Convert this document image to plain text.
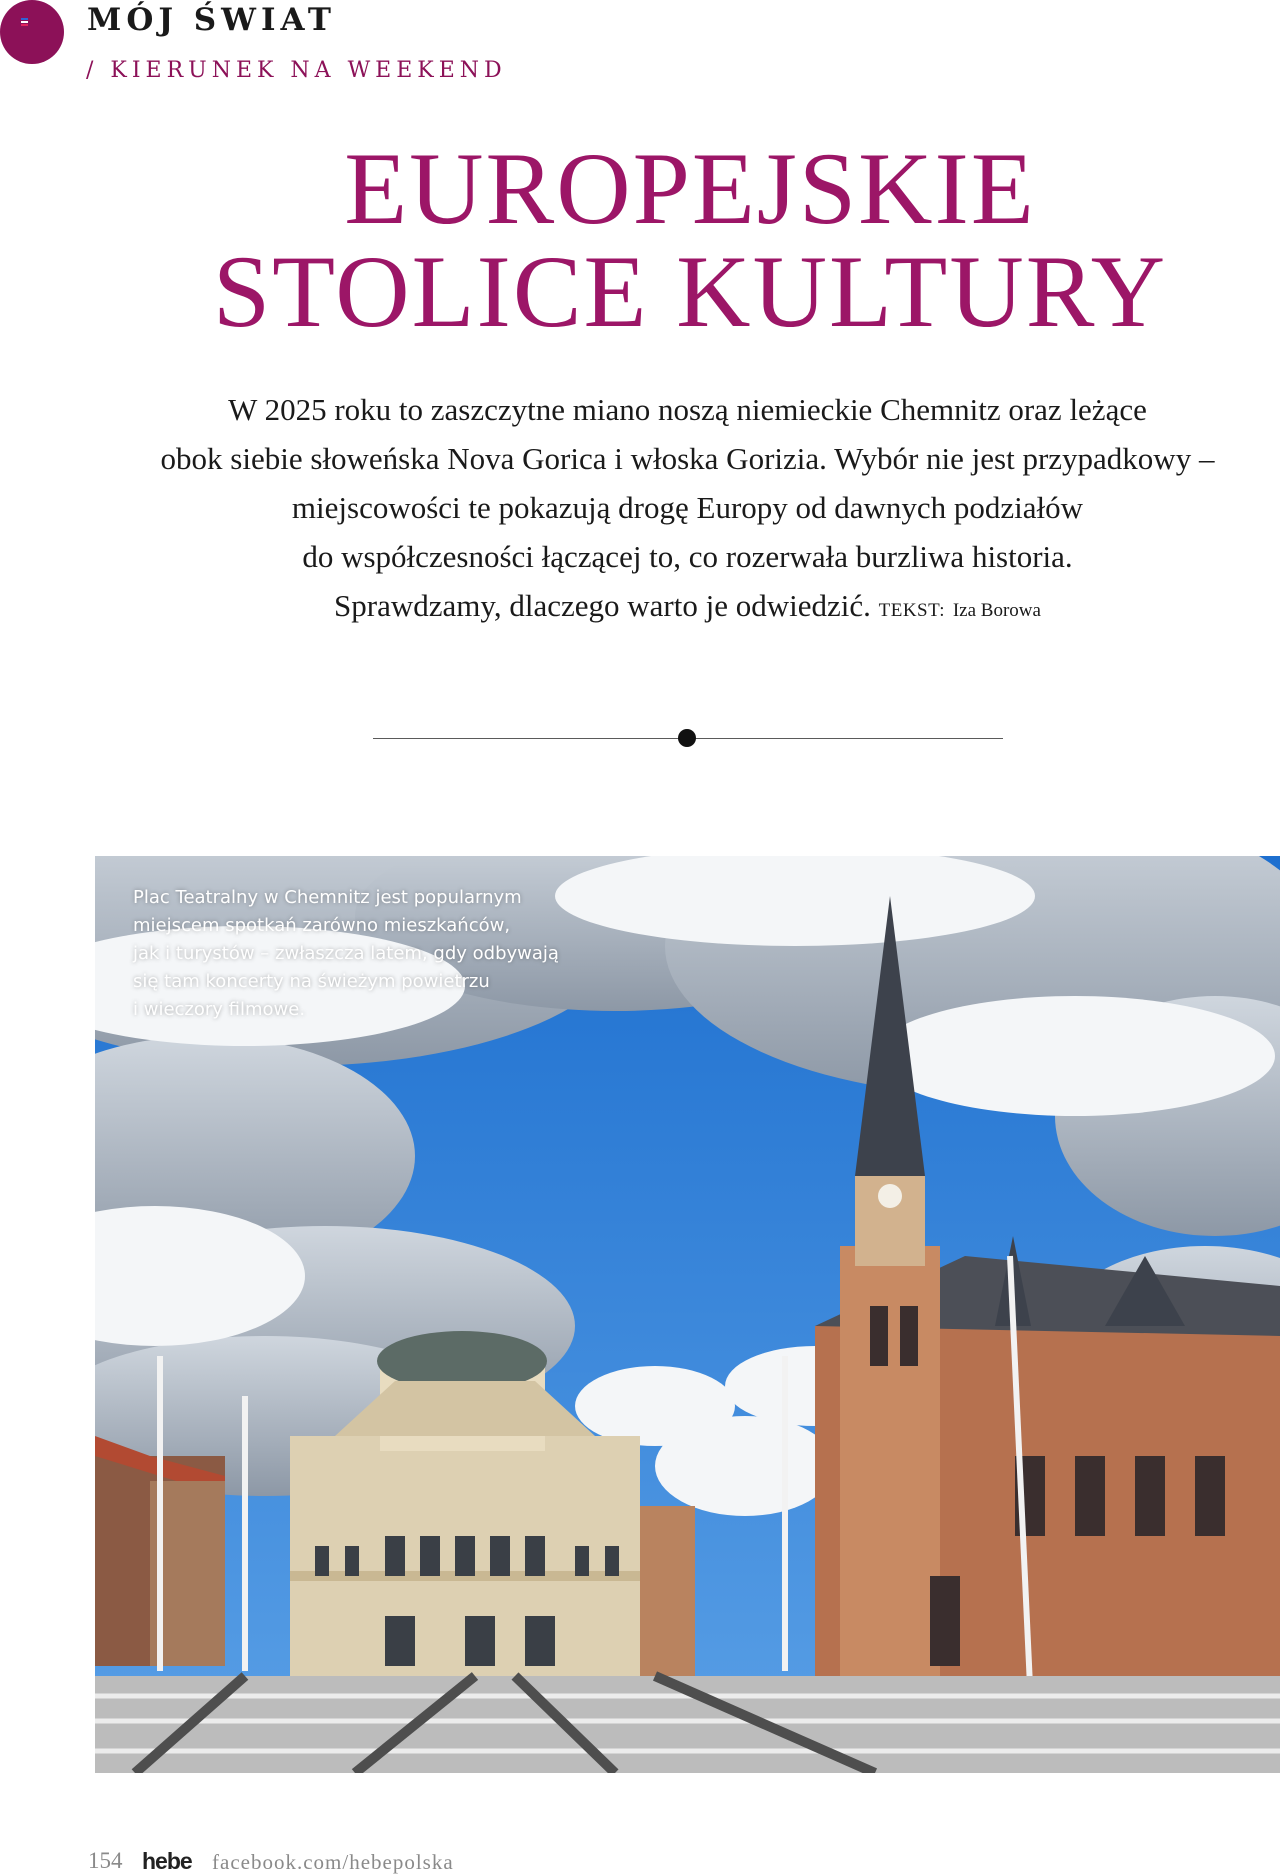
MÓJ ŚWIAT
/ KIERUNEK NA WEEKEND
EUROPEJSKIE
STOLICE KULTURY

W 2025 roku to zaszczytne miano noszą niemieckie Chemnitz oraz leżące

obok siebie słoweńska Nova Gorica i włoska Gorizia. Wybór nie jest przypadkowy –

miejscowości te pokazują drogę Europy od dawnych podziałów

do współczesności łączącej to, co rozerwała burzliwa historia.

Sprawdzamy, dlaczego warto je odwiedzić. TEKST: Iza Borowa

Plac Teatralny w Chemnitz jest popularnym

miejscem spotkań zarówno mieszkańców,

jak i turystów – zwłaszcza latem, gdy odbywają

się tam koncerty na świeżym powietrzu

i wieczory filmowe.

154 hebe facebook.com/hebepolska
